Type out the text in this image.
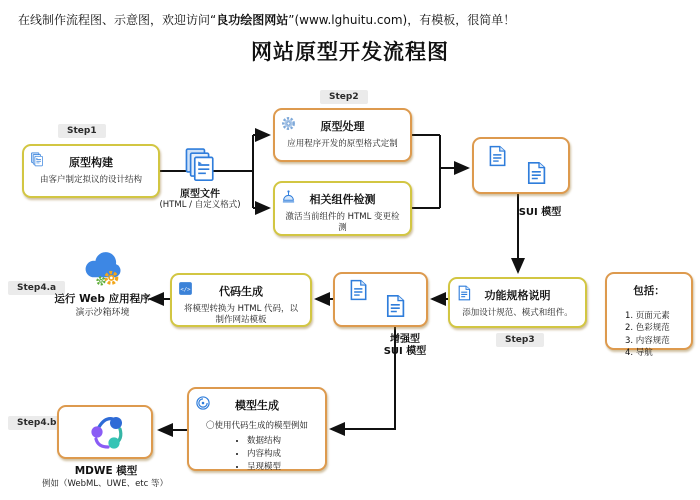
在线制作流程图、示意图，欢迎访问“良功绘图网站”(www.lghuitu.com)，有模板，很简单！
网站原型开发流程图
Step1
原型构建
由客户制定拟议的设计结构
原型文件
(HTML / 自定义格式)
Step2
原型处理
应用程序开发的原型格式定制
相关组件检测
激活当前组件的 HTML 变更检测
SUI 模型
功能规格说明
添加设计规范、模式和组件。
Step3
包括：
1. 页面元素
2. 色彩规范
3. 内容规范
4. 导航
增强型
SUI 模型
代码生成
将模型转换为 HTML 代码，以制作网站模板
Step4.a
运行 Web 应用程序
演示沙箱环境
模型生成
〇使用代码生成的模型例如
• 数据结构
• 内容构成
• 呈现模型
Step4.b
MDWE 模型
例如（WebML、UWE、etc 等）
